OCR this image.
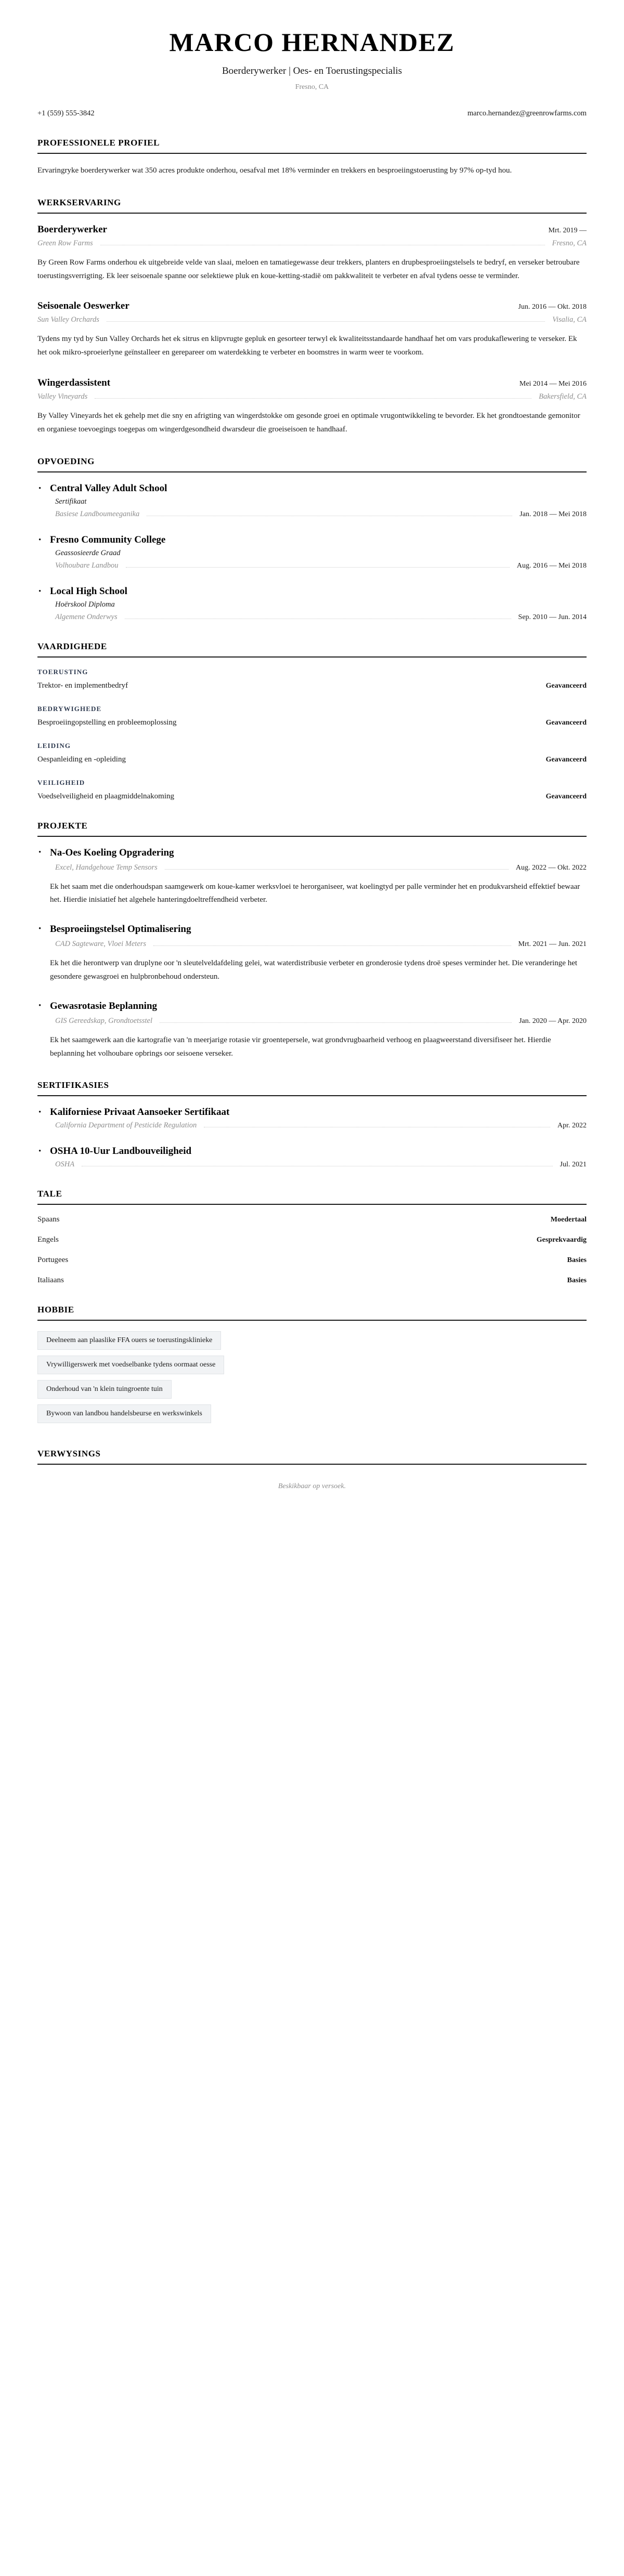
MARCO HERNANDEZ
Boerderywerker | Oes- en Toerustingspecialis
Fresno, CA
+1 (559) 555-3842	marco.hernandez@greenrowfarms.com
PROFESSIONELE PROFIEL

Ervaringryke boerderywerker wat 350 acres produkte onderhou, oesafval met 18% verminder en trekkers en besproeiingstoerusting by 97% op-tyd hou.

WERKSERVARING
Boerderywerker	Mrt. 2019 —
Green Row Farms	Fresno, CA

By Green Row Farms onderhou ek uitgebreide velde van slaai, meloen en tamatiegewasse deur trekkers, planters en drupbesproeiingstelsels te bedryf, en verseker betroubare toerustingsverrigting. Ek leer seisoenale spanne oor selektiewe pluk en koue-ketting-stadië om pakkwaliteit te verbeter en afval tydens oesse te verminder.

Seisoenale Oeswerker	Jun. 2016 — Okt. 2018
Sun Valley Orchards	Visalia, CA

Tydens my tyd by Sun Valley Orchards het ek sitrus en klipvrugte gepluk en gesorteer terwyl ek kwaliteitsstandaarde handhaaf het om vars produkaflewering te verseker. Ek het ook mikro-sproeierlyne geïnstalleer en gerepareer om waterdekking te verbeter en boomstres in warm weer te voorkom.

Wingerdassistent	Mei 2014 — Mei 2016
Valley Vineyards	Bakersfield, CA

By Valley Vineyards het ek gehelp met die sny en afrigting van wingerdstokke om gesonde groei en optimale vrugontwikkeling te bevorder. Ek het grondtoestande gemonitor en organiese toevoegings toegepas om wingerdgesondheid dwarsdeur die groeiseisoen te handhaaf.

OPVOEDING
• Central Valley Adult School
Sertifikaat
Basiese Landboumeeganika	Jan. 2018 — Mei 2018
• Fresno Community College
Geassosieerde Graad
Volhoubare Landbou	Aug. 2016 — Mei 2018
• Local High School
Hoërskool Diploma
Algemene Onderwys	Sep. 2010 — Jun. 2014
VAARDIGHEDE
TOERUSTING
Trektor- en implementbedryf	Geavanceerd
BEDRYWIGHEDE
Besproeiingopstelling en probleemoplossing	Geavanceerd
LEIDING
Oespanleiding en -opleiding	Geavanceerd
VEILIGHEID
Voedselveiligheid en plaagmiddelnakoming	Geavanceerd
PROJEKTE
• Na-Oes Koeling Opgradering
Excel, Handgehoue Temp Sensors	Aug. 2022 — Okt. 2022

Ek het saam met die onderhoudspan saamgewerk om koue-kamer werksvloei te herorganiseer, wat koelingtyd per palle verminder het en produkvarsheid effektief bewaar het. Hierdie inisiatief het algehele hanteringdoeltreffendheid verbeter.

• Besproeiingstelsel Optimalisering
CAD Sagteware, Vloei Meters	Mrt. 2021 — Jun. 2021

Ek het die herontwerp van druplyne oor 'n sleutelveldafdeling gelei, wat waterdistribusie verbeter en gronderosie tydens droë speses verminder het. Die veranderinge het gesondere gewasgroei en hulpbronbehoud ondersteun.

• Gewasrotasie Beplanning
GIS Gereedskap, Grondtoetsstel	Jan. 2020 — Apr. 2020

Ek het saamgewerk aan die kartografie van 'n meerjarige rotasie vir groentepersele, wat grondvrugbaarheid verhoog en plaagweerstand diversifiseer het. Hierdie beplanning het volhoubare opbrings oor seisoene verseker.

SERTIFIKASIES
• Kaliforniese Privaat Aansoeker Sertifikaat
California Department of Pesticide Regulation	Apr. 2022
• OSHA 10-Uur Landbouveiligheid
OSHA	Jul. 2021
TALE
Spaans	Moedertaal
Engels	Gesprekvaardig
Portugees	Basies
Italiaans	Basies
HOBBIE
Deelneem aan plaaslike FFA ouers se toerustingsklinieke
Vrywilligerswerk met voedselbanke tydens oormaat oesse
Onderhoud van 'n klein tuingroente tuin
Bywoon van landbou handelsbeurse en werkswinkels
VERWYSINGS
Beskikbaar op versoek.
